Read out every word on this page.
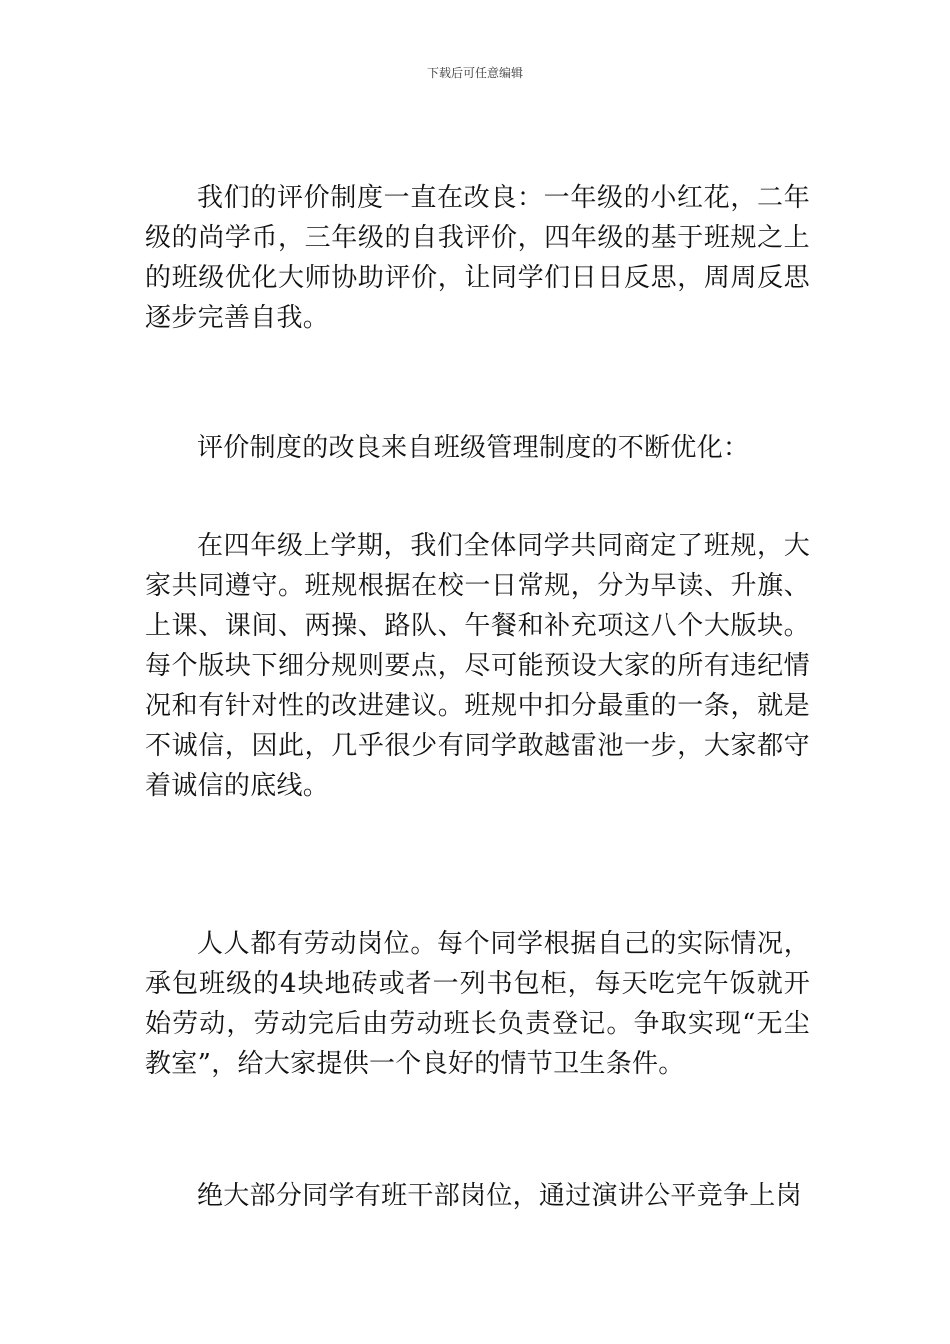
下载后可任意编辑

我们的评价制度一直在改良：一年级的小红花，二年级的尚学币，三年级的自我评价，四年级的基于班规之上的班级优化大师协助评价，让同学们日日反思，周周反思逐步完善自我。

评价制度的改良来自班级管理制度的不断优化：

在四年级上学期，我们全体同学共同商定了班规，大家共同遵守。班规根据在校一日常规，分为早读、升旗、上课、课间、两操、路队、午餐和补充项这八个大版块。每个版块下细分规则要点，尽可能预设大家的所有违纪情况和有针对性的改进建议。班规中扣分最重的一条，就是不诚信，因此，几乎很少有同学敢越雷池一步，大家都守着诚信的底线。

人人都有劳动岗位。每个同学根据自己的实际情况，承包班级的4块地砖或者一列书包柜，每天吃完午饭就开始劳动，劳动完后由劳动班长负责登记。争取实现“无尘教室”，给大家提供一个良好的情节卫生条件。

绝大部分同学有班干部岗位，通过演讲公平竞争上岗
